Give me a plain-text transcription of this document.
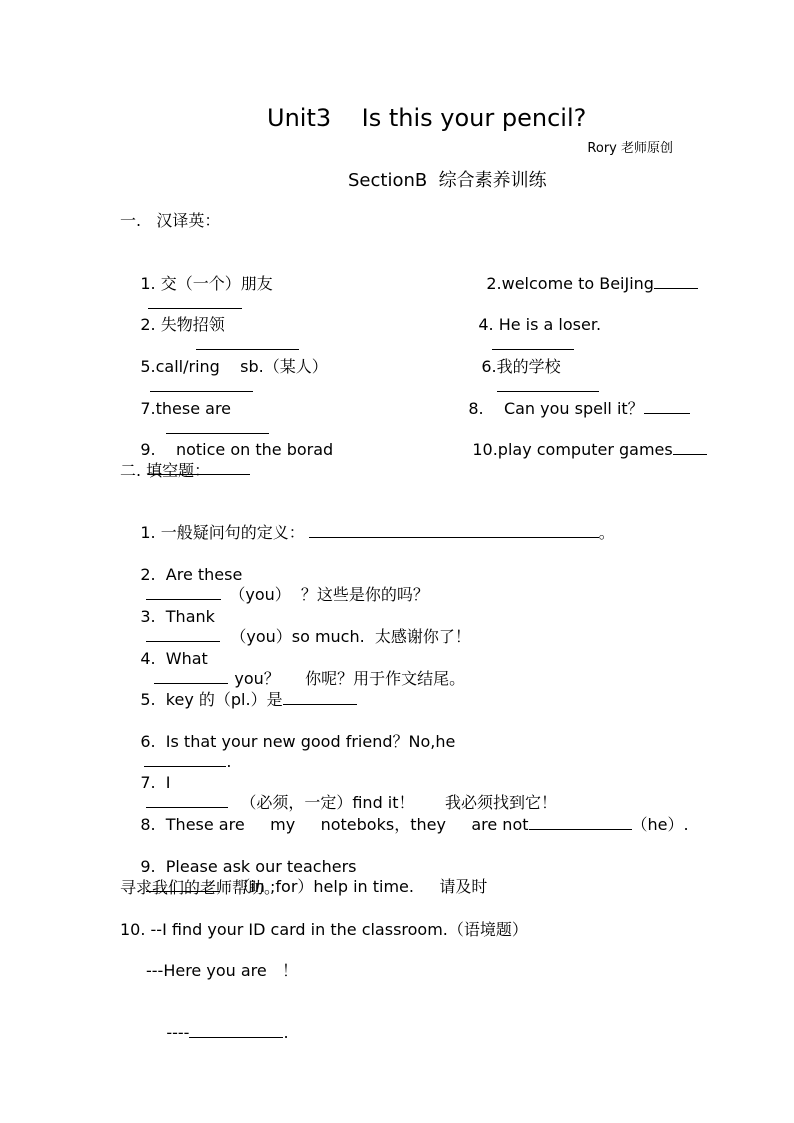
Unit3    Is this your pencil?
Rory 老师原创
SectionB  综合素养训练
一.   汉译英：

1. 交（一个）朋友

	2.welcome to BeiJing

2. 失物招领

	4. He is a loser.

5.call/ring    sb.（某人）

	6.我的学校

7.these are

	8.    Can you spell it？

9.    notice on the borad

	10.play computer games

二. 填空题：

1. 一般疑问句的定义：	。

2.  Are these
（you）  ？这些是你的吗？

3.  Thank
（you）so much.  太感谢你了！

4.  What
you？     你呢？用于作文结尾。

5.  key 的（pl.）是

6.  Is that your new good friend？No,he
.

7.  I
（必须，一定）find it！      我必须找到它！

8.  These are     my     noteboks，they     are not	（he）.

9.  Please ask our teachers
（in ;for）help in time.     请及时

寻求我们的老师帮助。
10. --I find your ID card in the classroom.（语境题）
---Here you are   ！

----	.
